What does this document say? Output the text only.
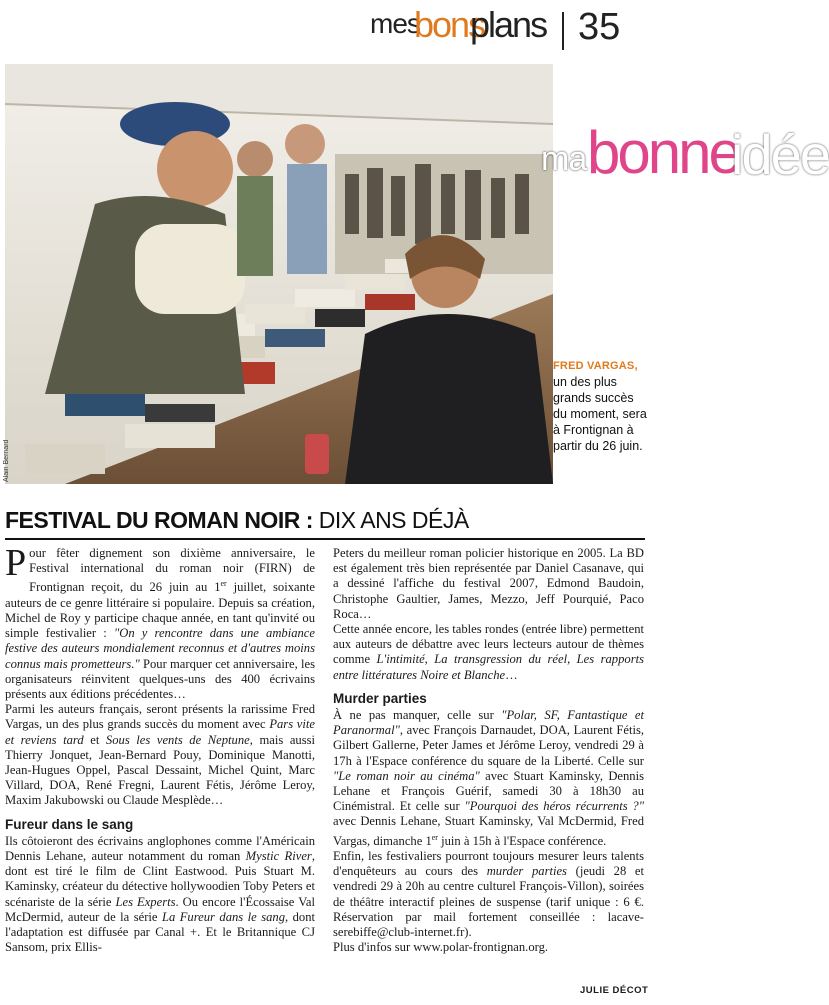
mes
bons
plans 35
ma bonne
idée
Alain Bernard
FRED VARGAS,
un des plus grands succès du moment, sera à Frontignan à partir du 26 juin.
FESTIVAL DU ROMAN NOIR : DIX ANS DÉJÀ

Pour fêter dignement son dixième anniversaire, le Festival international du roman noir (FIRN) de Frontignan reçoit, du 26 juin au 1er juillet, soixante auteurs de ce genre littéraire si populaire. Depuis sa création, Michel de Roy y participe chaque année, en tant qu'invité ou simple festivalier : "On y rencontre dans une ambiance festive des auteurs mondialement reconnus et d'autres moins connus mais prometteurs." Pour marquer cet anniversaire, les organisateurs réinvitent quelques-uns des 400 écrivains présents aux éditions précédentes…

Parmi les auteurs français, seront présents la rarissime Fred Vargas, un des plus grands succès du moment avec Pars vite et reviens tard et Sous les vents de Neptune, mais aussi Thierry Jonquet, Jean-Bernard Pouy, Dominique Manotti, Jean-Hugues Oppel, Pascal Dessaint, Michel Quint, Marc Villard, DOA, René Fregni, Laurent Fétis, Jérôme Leroy, Maxim Jakubowski ou Claude Mesplède…

Fureur dans le sang

Ils côtoieront des écrivains anglophones comme l'Américain Dennis Lehane, auteur notamment du roman Mystic River, dont est tiré le film de Clint Eastwood. Puis Stuart M. Kaminsky, créateur du détective hollywoodien Toby Peters et scénariste de la série Les Experts. Ou encore l'Écossaise Val McDermid, auteur de la série La Fureur dans le sang, dont l'adaptation est diffusée par Canal +. Et le Britannique CJ Sansom, prix Ellis-

Peters du meilleur roman policier historique en 2005. La BD est également très bien représentée par Daniel Casanave, qui a dessiné l'affiche du festival 2007, Edmond Baudoin, Christophe Gaultier, James, Mezzo, Jeff Pourquié, Paco Roca…

Cette année encore, les tables rondes (entrée libre) permettent aux auteurs de débattre avec leurs lecteurs autour de thèmes comme L'intimité, La transgression du réel, Les rapports entre littératures Noire et Blanche…

Murder parties

À ne pas manquer, celle sur "Polar, SF, Fantastique et Paranormal", avec François Darnaudet, DOA, Laurent Fétis, Gilbert Gallerne, Peter James et Jérôme Leroy, vendredi 29 à 17h à l'Espace conférence du square de la Liberté. Celle sur "Le roman noir au cinéma" avec Stuart Kaminsky, Dennis Lehane et François Guérif, samedi 30 à 18h30 au Cinémistral. Et celle sur "Pourquoi des héros récurrents ?" avec Dennis Lehane, Stuart Kaminsky, Val McDermid, Fred Vargas, dimanche 1er juin à 15h à l'Espace conférence.

Enfin, les festivaliers pourront toujours mesurer leurs talents d'enquêteurs au cours des murder parties (jeudi 28 et vendredi 29 à 20h au centre culturel François-Villon), soirées de théâtre interactif pleines de suspense (tarif unique : 6 €. Réservation par mail fortement conseillée : lacave-serebiffe@club-internet.fr).

Plus d'infos sur www.polar-frontignan.org.

JULIE DÉCOT
